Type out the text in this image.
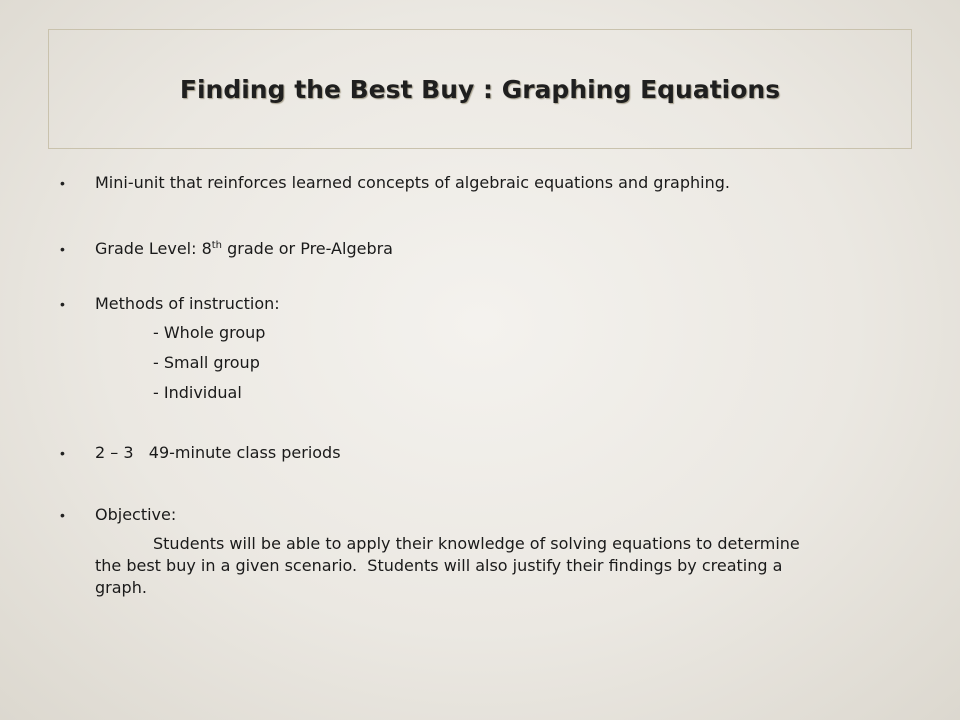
Finding the Best Buy : Graphing Equations
• Mini-unit that reinforces learned concepts of algebraic equations and graphing.
• Grade Level: 8th grade or Pre-Algebra
• Methods of instruction:
- Whole group
- Small group
- Individual
• 2 – 3   49-minute class periods
• Objective:
Students will be able to apply their knowledge of solving equations to determine
the best buy in a given scenario.  Students will also justify their findings by creating a
graph.
